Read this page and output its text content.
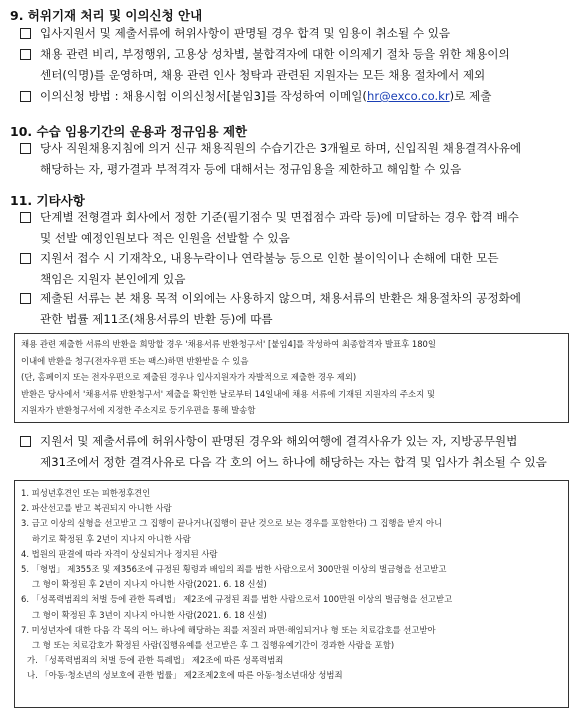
9. 허위기재 처리 및 이의신청 안내
입사지원서 및 제출서류에 허위사항이 판명될 경우 합격 및 임용이 취소될 수 있음
채용 관련 비리, 부정행위, 고용상 성차별, 불합격자에 대한 이의제기 절차 등을 위한 채용이의
센터(익명)를 운영하며, 채용 관련 인사 청탁과 관련된 지원자는 모든 채용 절차에서 제외
이의신청 방법 : 채용시험 이의신청서[붙임3]를 작성하여 이메일(hr@exco.co.kr)로 제출
10. 수습 임용기간의 운용과 정규임용 제한
당사 직원채용지침에 의거 신규 채용직원의 수습기간은 3개월로 하며, 신입직원 채용결격사유에
해당하는 자, 평가결과 부적격자 등에 대해서는 정규임용을 제한하고 해임할 수 있음
11. 기타사항
단계별 전형결과 회사에서 정한 기준(필기점수 및 면접점수 과락 등)에 미달하는 경우 합격 배수
및 선발 예정인원보다 적은 인원을 선발할 수 있음
지원서 접수 시 기재착오, 내용누락이나 연락불능 등으로 인한 불이익이나 손해에 대한 모든
책임은 지원자 본인에게 있음
제출된 서류는 본 채용 목적 이외에는 사용하지 않으며, 채용서류의 반환은 채용절차의 공정화에
관한 법률 제11조(채용서류의 반환 등)에 따름

채용 관련 제출한 서류의 반환을 희망할 경우 '채용서류 반환청구서' [붙임4]를 작성하여 최종합격자 발표후 180일

이내에 반환을 청구(전자우편 또는 팩스)하면 반환받을 수 있음

(단, 홈페이지 또는 전자우편으로 제출된 경우나 입사지원자가 자발적으로 제출한 경우 제외)

반환은 당사에서 '채용서류 반환청구서' 제출을 확인한 날로부터 14일내에 채용 서류에 기재된 지원자의 주소지 및

지원자가 반환청구서에 지정한 주소지로 등기우편을 통해 발송함

지원서 및 제출서류에 허위사항이 판명된 경우와 해외여행에 결격사유가 있는 자, 지방공무원법
제31조에서 정한 결격사유로 다음 각 호의 어느 하나에 해당하는 자는 합격 및 입사가 취소될 수 있음

1. 피성년후견인 또는 피한정후견인

2. 파산선고를 받고 복권되지 아니한 사람

3. 금고 이상의 실형을 선고받고 그 집행이 끝나거나(집행이 끝난 것으로 보는 경우를 포함한다) 그 집행을 받지 아니

하기로 확정된 후 2년이 지나지 아니한 사람

4. 법원의 판결에 따라 자격이 상실되거나 정지된 사람

5. 「형법」 제355조 및 제356조에 규정된 횡령과 배임의 죄를 범한 사람으로서 300만원 이상의 벌금형을 선고받고

그 형이 확정된 후 2년이 지나지 아니한 사람(2021. 6. 18 신설)

6. 「성폭력범죄의 처벌 등에 관한 특례법」 제2조에 규정된 죄를 범한 사람으로서 100만원 이상의 벌금형을 선고받고

그 형이 확정된 후 3년이 지나지 아니한 사람(2021. 6. 18 신설)

7. 미성년자에 대한 다음 각 목의 어느 하나에 해당하는 죄를 저질러 파면·해임되거나 형 또는 치료감호를 선고받아

그 형 또는 치료감호가 확정된 사람(집행유예를 선고받은 후 그 집행유예기간이 경과한 사람을 포함)

가. 「성폭력범죄의 처벌 등에 관한 특례법」 제2조에 따른 성폭력범죄

나. 「아동·청소년의 성보호에 관한 법률」 제2조제2호에 따른 아동·청소년대상 성범죄
